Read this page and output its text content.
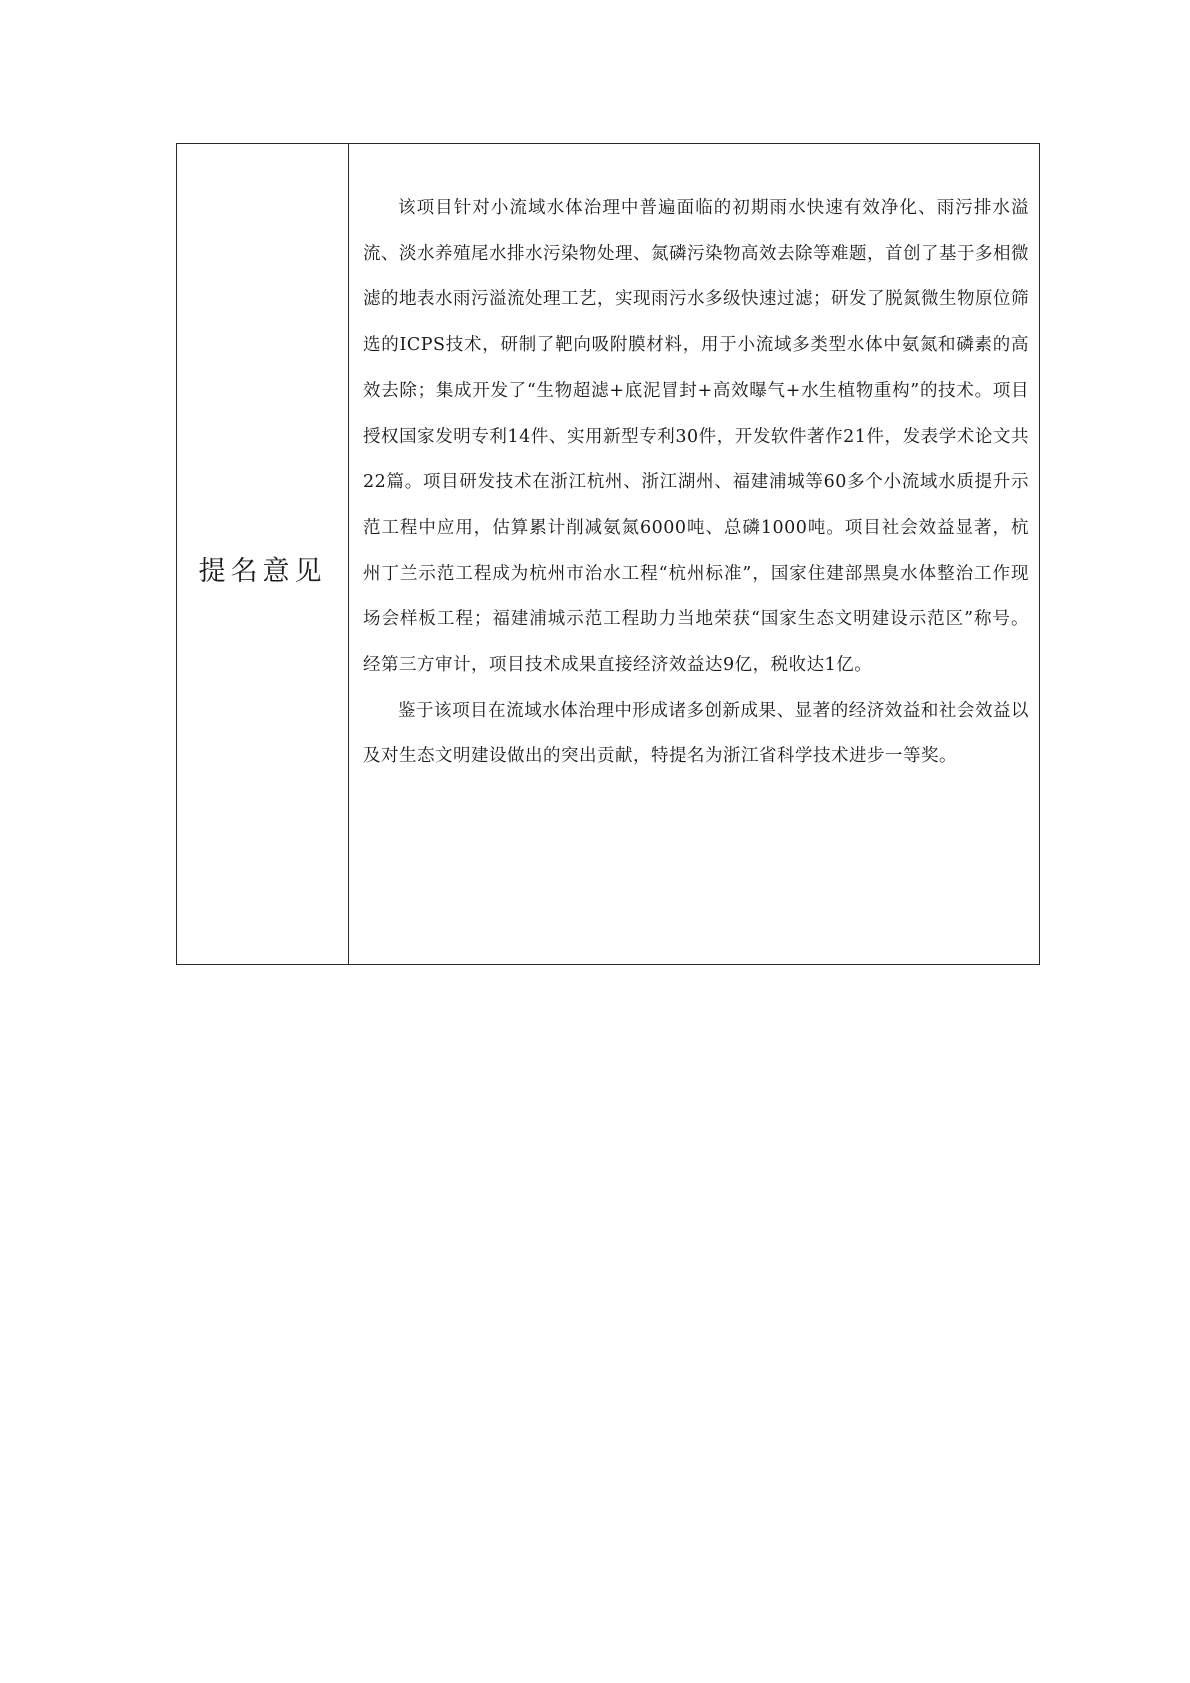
提名意见

该项目针对小流域水体治理中普遍面临的初期雨水快速有效净化、雨污排水溢流、淡水养殖尾水排水污染物处理、氮磷污染物高效去除等难题，首创了基于多相微滤的地表水雨污溢流处理工艺，实现雨污水多级快速过滤；研发了脱氮微生物原位筛选的ICPS技术，研制了靶向吸附膜材料，用于小流域多类型水体中氨氮和磷素的高效去除；集成开发了“生物超滤+底泥冒封+高效曝气+水生植物重构”的技术。项目授权国家发明专利14件、实用新型专利30件，开发软件著作21件，发表学术论文共22篇。项目研发技术在浙江杭州、浙江湖州、福建浦城等60多个小流域水质提升示范工程中应用，估算累计削减氨氮6000吨、总磷1000吨。项目社会效益显著，杭州丁兰示范工程成为杭州市治水工程“杭州标准”，国家住建部黑臭水体整治工作现场会样板工程；福建浦城示范工程助力当地荣获“国家生态文明建设示范区”称号。经第三方审计，项目技术成果直接经济效益达9亿，税收达1亿。

鉴于该项目在流域水体治理中形成诸多创新成果、显著的经济效益和社会效益以及对生态文明建设做出的突出贡献，特提名为浙江省科学技术进步一等奖。
